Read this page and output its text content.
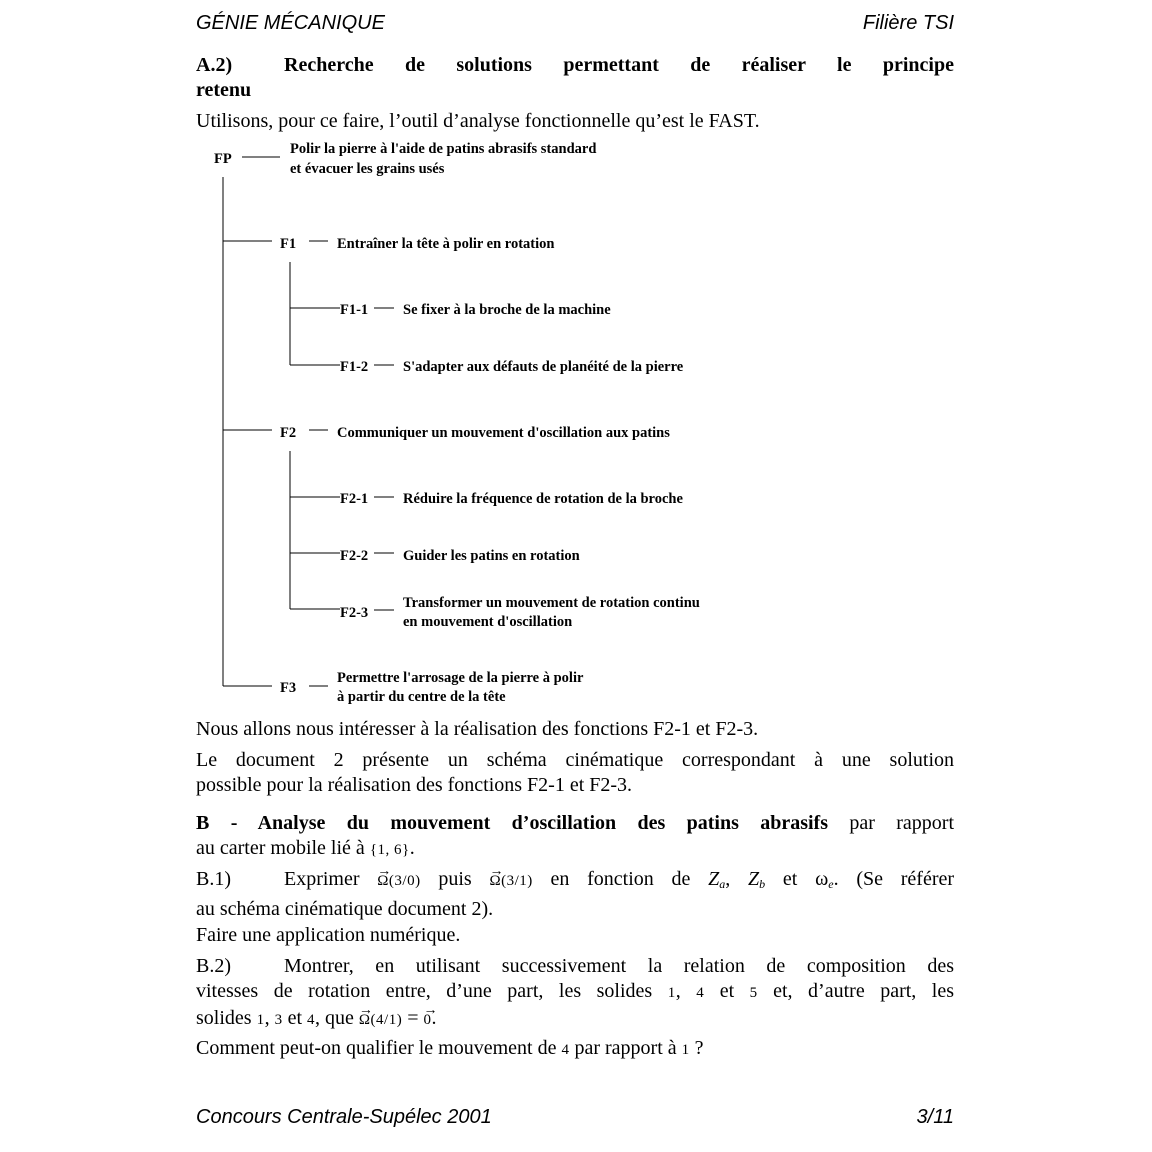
GÉNIE MÉCANIQUE	Filière TSI
A.2)	Recherche de solutions permettant de réaliser le principe
retenu
Utilisons, pour ce faire, l’outil d’analyse fonctionnelle qu’est le FAST.
FP
Polir la pierre à l'aide de patins abrasifs standard
et évacuer les grains usés
F1	Entraîner la tête à polir en rotation
F1-1 Se fixer à la broche de la machine
F1-2 S'adapter aux défauts de planéité de la pierre
F2	Communiquer un mouvement d'oscillation aux patins
F2-1 Réduire la fréquence de rotation de la broche
F2-2 Guider les patins en rotation
F2-3
Transformer un mouvement de rotation continu
en mouvement d'oscillation
F3
Permettre l'arrosage de la pierre à polir
à partir du centre de la tête
Nous allons nous intéresser à la réalisation des fonctions F2-1 et F2-3.
Le document 2 présente un schéma cinématique correspondant à une solution
possible pour la réalisation des fonctions F2-1 et F2-3.
B - Analyse du mouvement d’oscillation des patins abrasifs par rapport
au carter mobile lié à {1, 6}.
B.1)	Exprimer → Ω(3/0) puis → Ω(3/1) en fonction de $Z_a$, $Z_b$ et $\omega_e$. (Se référer
au schéma cinématique document 2).
Faire une application numérique.
B.2)	Montrer, en utilisant successivement la relation de composition des
vitesses de rotation entre, d’une part, les solides 1, 4 et 5 et, d’autre part, les
solides 1, 3 et 4, que → Ω(4/1) = → 0.
Comment peut-on qualifier le mouvement de 4 par rapport à 1 ?
Concours Centrale-Supélec 2001	3/11
